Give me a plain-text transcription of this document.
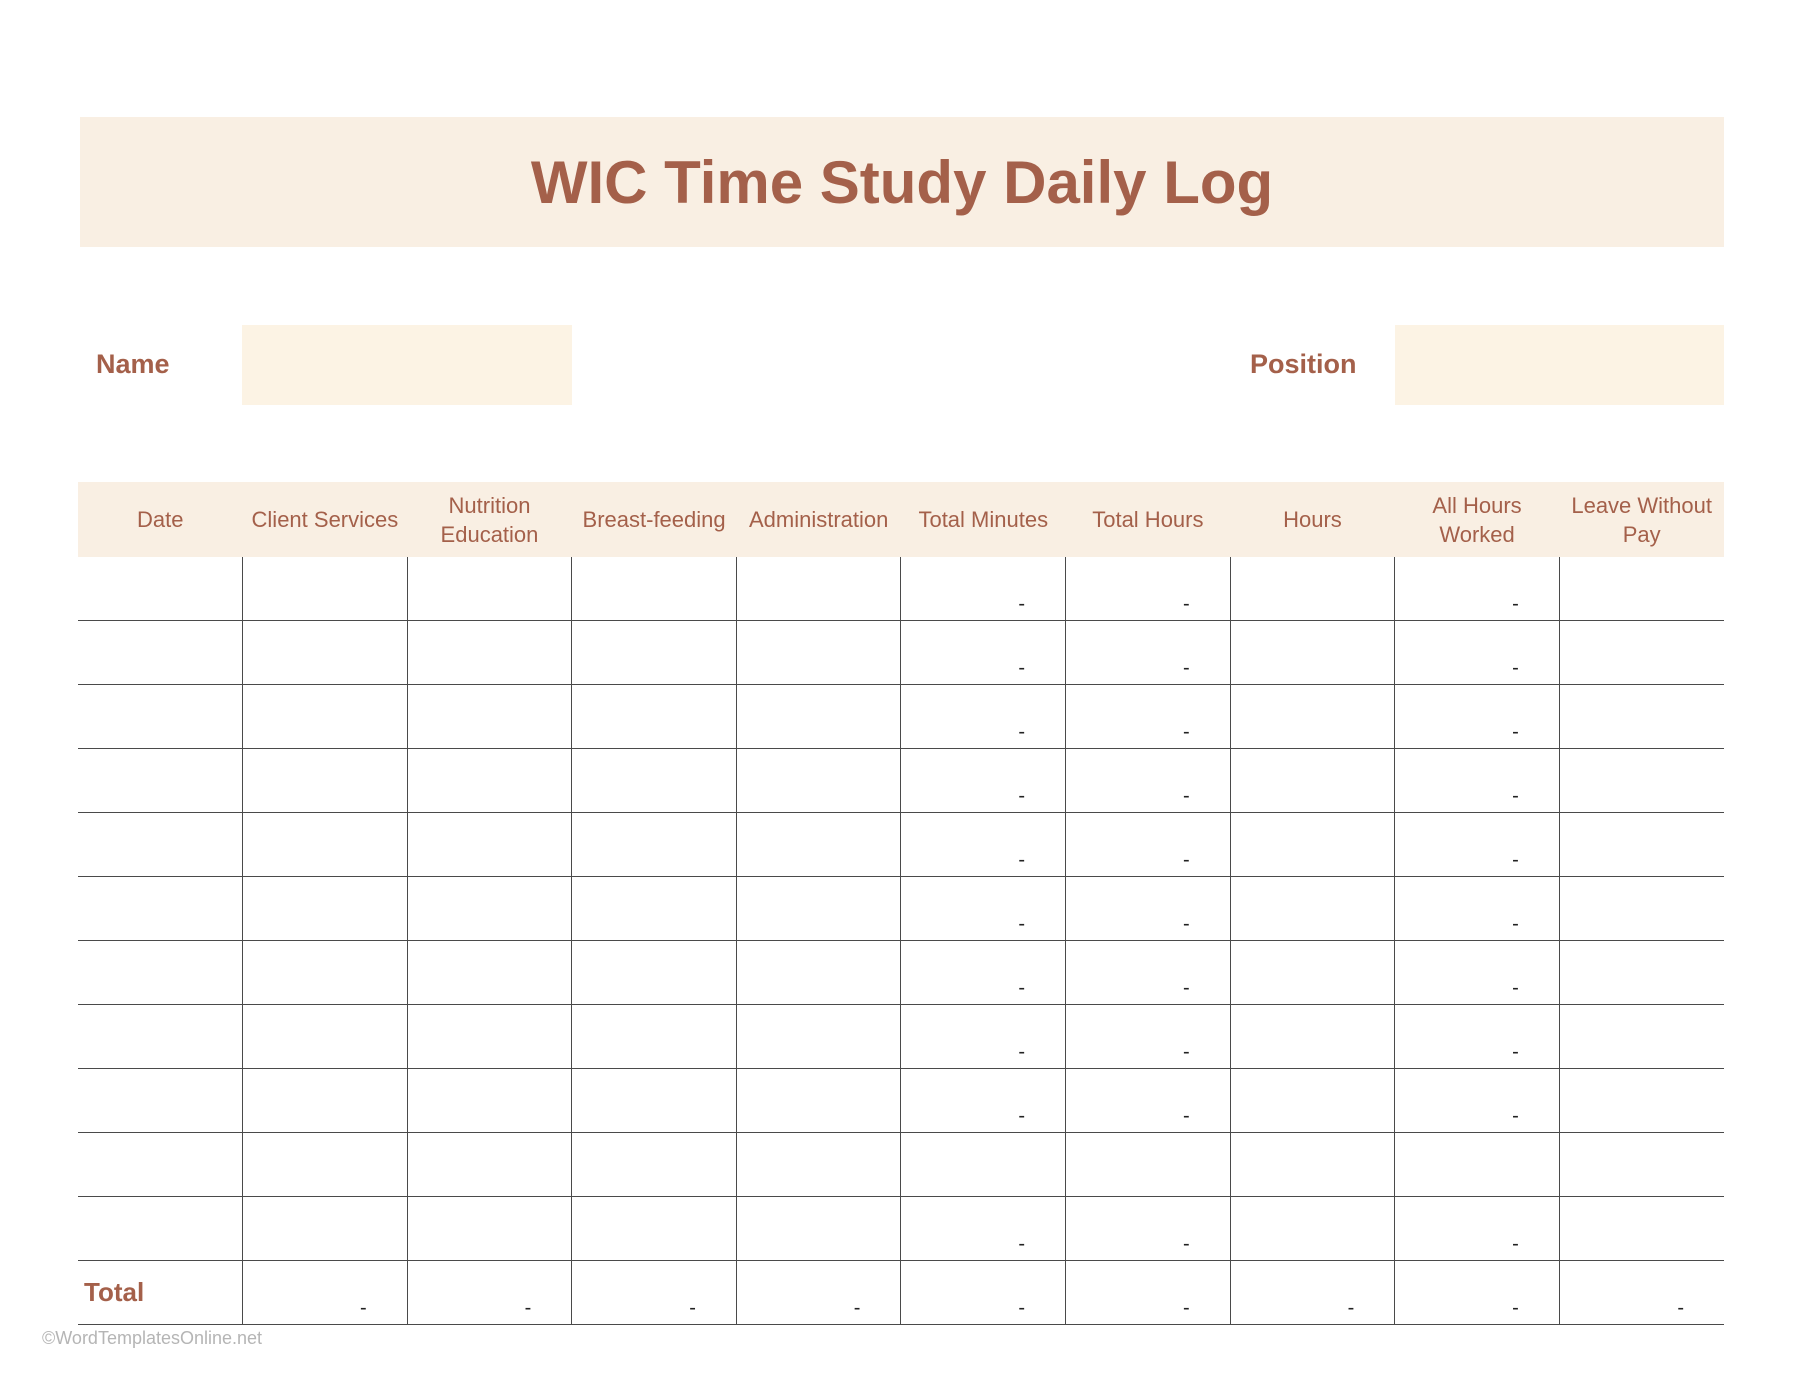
WIC Time Study Daily Log
Name	Position
Date	Client Services	Nutrition Education	Breast-feeding	Administration	Total Minutes	Total Hours	Hours	All Hours Worked	Leave Without Pay
					-	-		-	
					-	-		-	
					-	-		-	
					-	-		-	
					-	-		-	
					-	-		-	
					-	-		-	
					-	-		-	
					-	-		-	

					-	-		-	
Total	-	-	-	-	-	-	-	-	-
©WordTemplatesOnline.net
